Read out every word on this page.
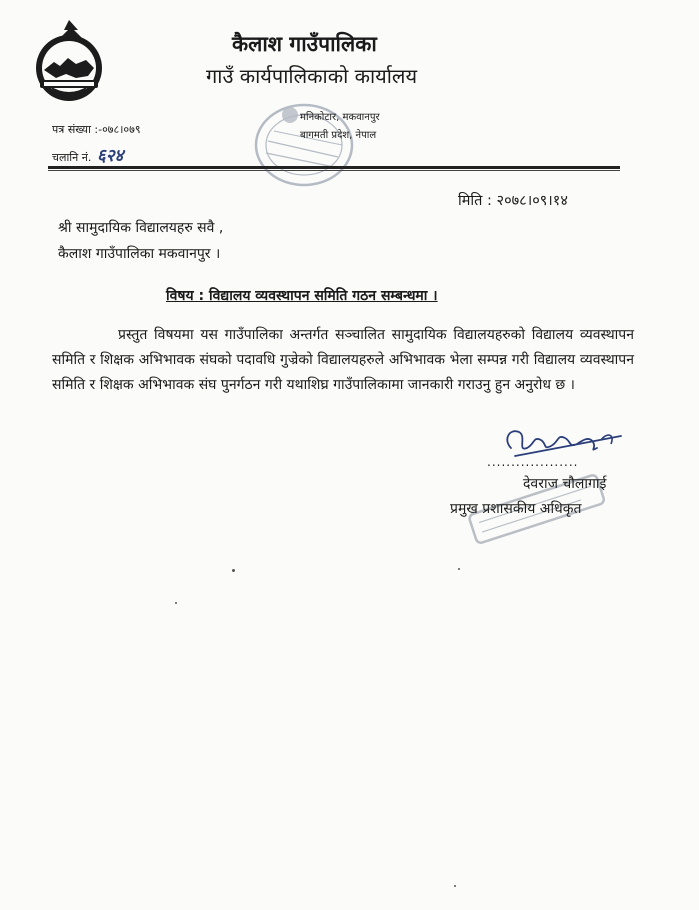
कैलाश गाउँपालिका
गाउँ कार्यपालिकाको कार्यालय
पत्र संख्या :-०७८।०७९
चलानि नं. ६२४
मनिकोटार, मकवानपुर
बागमती प्रदेश, नेपाल
मिति : २०७८।०९।१४
श्री सामुदायिक विद्यालयहरु सवै ,
कैलाश गाउँपालिका मकवानपुर ।
विषय : विद्यालय व्यवस्थापन समिति गठन सम्बन्धमा ।
प्रस्तुत विषयमा यस गाउँपालिका अन्तर्गत सञ्चालित सामुदायिक विद्यालयहरुको विद्यालय व्यवस्थापन समिति र शिक्षक अभिभावक संघको पदावधि गुज्रेको विद्यालयहरुले अभिभावक भेला सम्पन्न गरी विद्यालय व्यवस्थापन समिति र शिक्षक अभिभावक संघ पुनर्गठन गरी यथाशिघ्र गाउँपालिकामा जानकारी गराउनु हुन अनुरोध छ ।
...................
देवराज चौलागाई
प्रमुख प्रशासकीय अधिकृत
